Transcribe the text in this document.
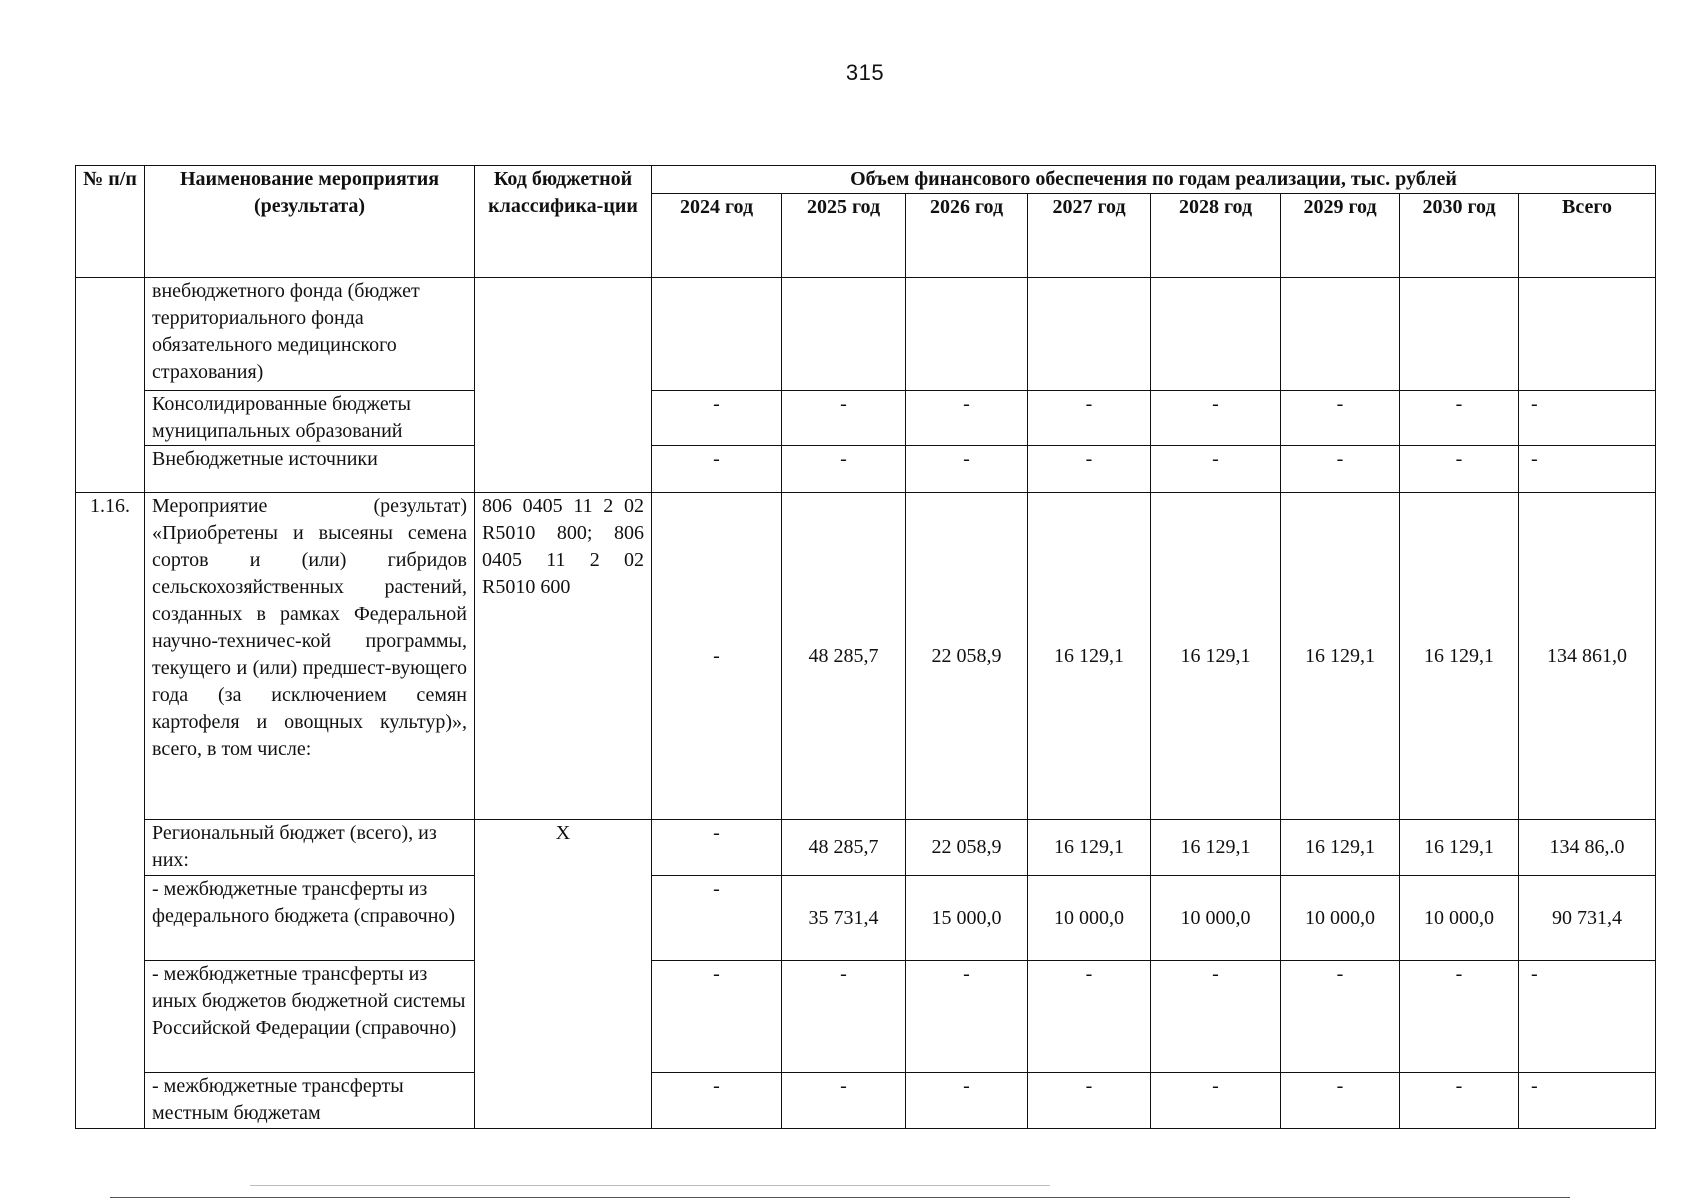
315
№ п/п	Наименование мероприятия (результата)	Код бюджетной классифика-ции	Объем финансового обеспечения по годам реализации, тыс. рублей							
			2024 год	2025 год	2026 год	2027 год	2028 год	2029 год	2030 год	Всего
	внебюджетного фонда (бюджет территориального фонда обязательного медицинского страхования)									
	Консолидированные бюджеты муниципальных образований		-	-	-	-	-	-	-	-
	Внебюджетные источники		-	-	-	-	-	-	-	-
1.16.	Мероприятие (результат) «Приобретены и высеяны семена сортов и (или) гибридов сельскохозяйственных растений, созданных в рамках Федеральной научно-техничес-кой программы, текущего и (или) предшест-вующего года (за исключением семян картофеля и овощных культур)», всего, в том числе:	806 0405 11 2 02 R5010 800; 806 0405 11 2 02 R5010 600	-	48 285,7	22 058,9	16 129,1	16 129,1	16 129,1	16 129,1	134 861,0
	Региональный бюджет (всего), из них:	Х	-	48 285,7	22 058,9	16 129,1	16 129,1	16 129,1	16 129,1	134 86,.0
	- межбюджетные трансферты из федерального бюджета (справочно)		-	35 731,4	15 000,0	10 000,0	10 000,0	10 000,0	10 000,0	90 731,4
	- межбюджетные трансферты из иных бюджетов бюджетной системы Российской Федерации (справочно)		-	-	-	-	-	-	-	-
	- межбюджетные трансферты местным бюджетам		-	-	-	-	-	-	-	-
